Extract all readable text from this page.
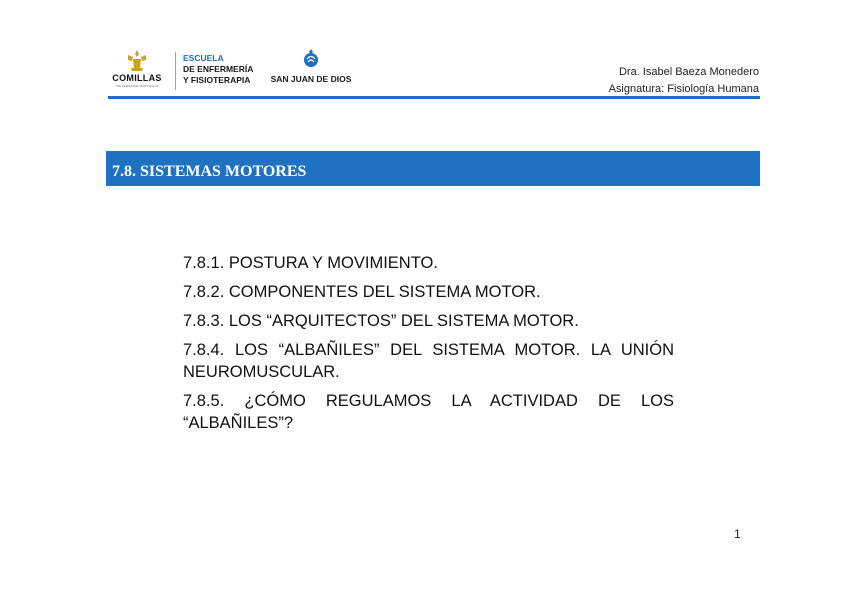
COMILLAS
UNIVERSIDAD PONTIFICIA
ESCUELA
DE ENFERMERÍA
Y FISIOTERAPIA	SAN JUAN DE DIOS
Dra. Isabel Baeza Monedero
Asignatura: Fisiología Humana
7.8. SISTEMAS MOTORES
7.8.1. POSTURA Y MOVIMIENTO.
7.8.2. COMPONENTES DEL SISTEMA MOTOR.
7.8.3. LOS “ARQUITECTOS” DEL SISTEMA MOTOR.
7.8.4. LOS “ALBAÑILES” DEL SISTEMA MOTOR. LA UNIÓN NEUROMUSCULAR.
7.8.5. ¿CÓMO REGULAMOS LA ACTIVIDAD DE LOS “ALBAÑILES”?
1
